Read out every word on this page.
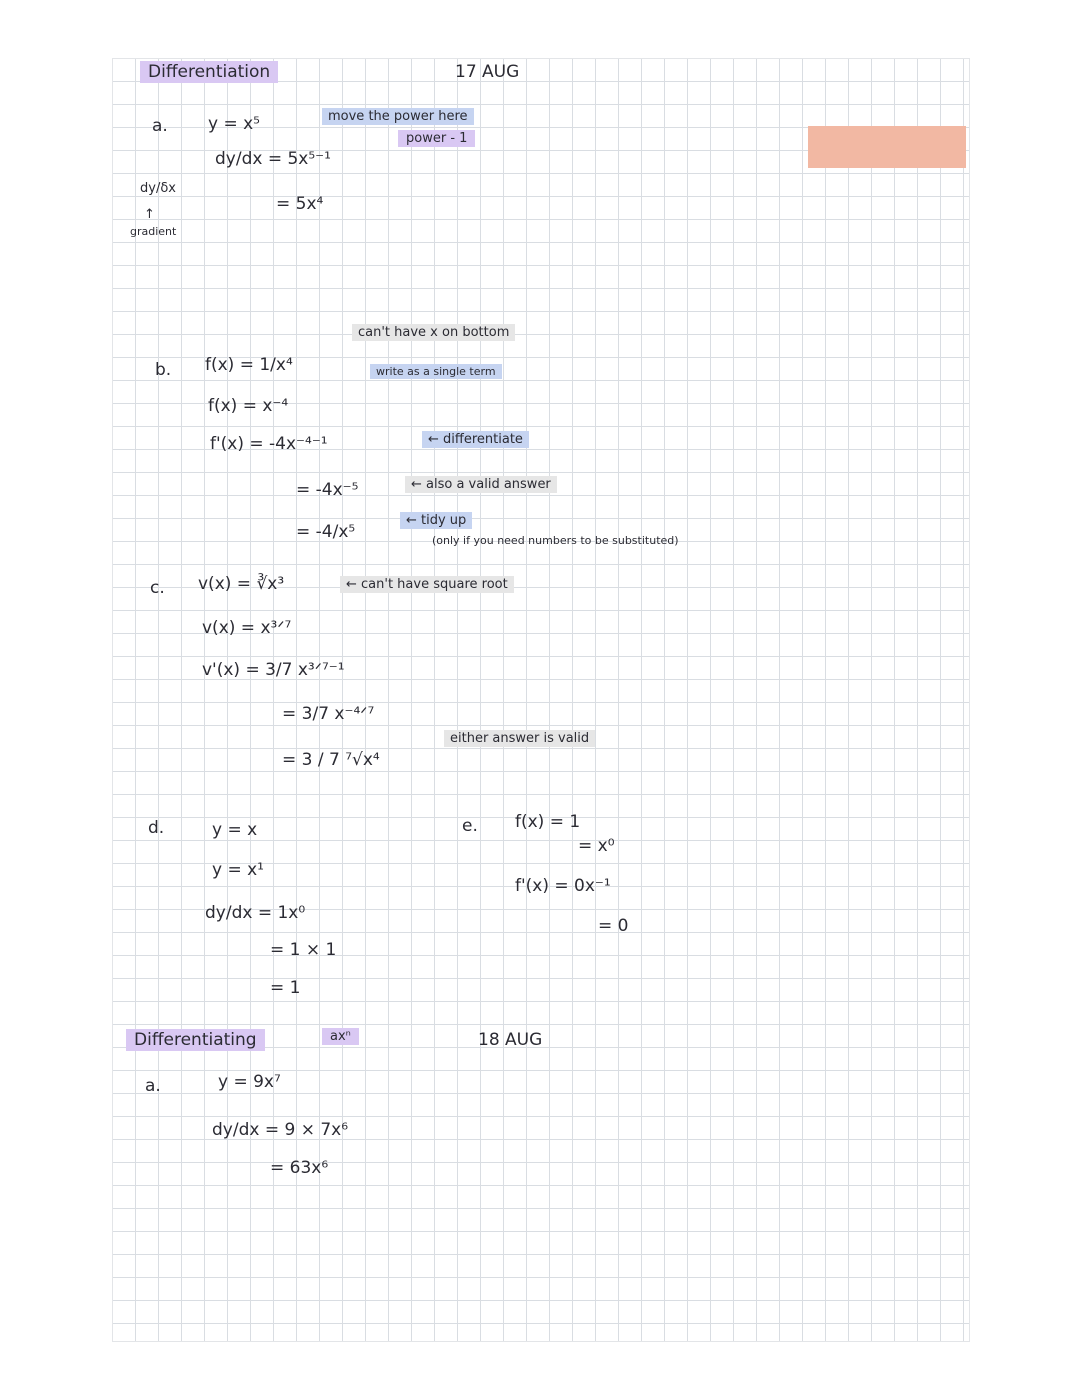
Differentiation	17 AUG
a. y = x⁵	move the power here
power - 1
dy/dx = 5x⁵⁻¹
= 5x⁴
dy/δx
↑
gradient
can't have x on bottom
b. f(x) = 1/x⁴	write as a single term
f(x) = x⁻⁴
f'(x) = -4x⁻⁴⁻¹	← differentiate
= -4x⁻⁵	← also a valid answer
= -4/x⁵
← tidy up
(only if you need numbers to be substituted)
c. v(x) = ∛x³	← can't have square root
v(x) = x³ᐟ⁷
v'(x) = 3/7 x³ᐟ⁷⁻¹
= 3/7 x⁻⁴ᐟ⁷
either answer is valid
= 3 / 7 ⁷√x⁴
d.	y = x
y = x¹
dy/dx = 1x⁰
= 1 × 1
= 1
e. f(x) = 1
= x⁰
f'(x) = 0x⁻¹
= 0
Differentiating	axⁿ	18 AUG
a.	y = 9x⁷
dy/dx = 9 × 7x⁶
= 63x⁶
